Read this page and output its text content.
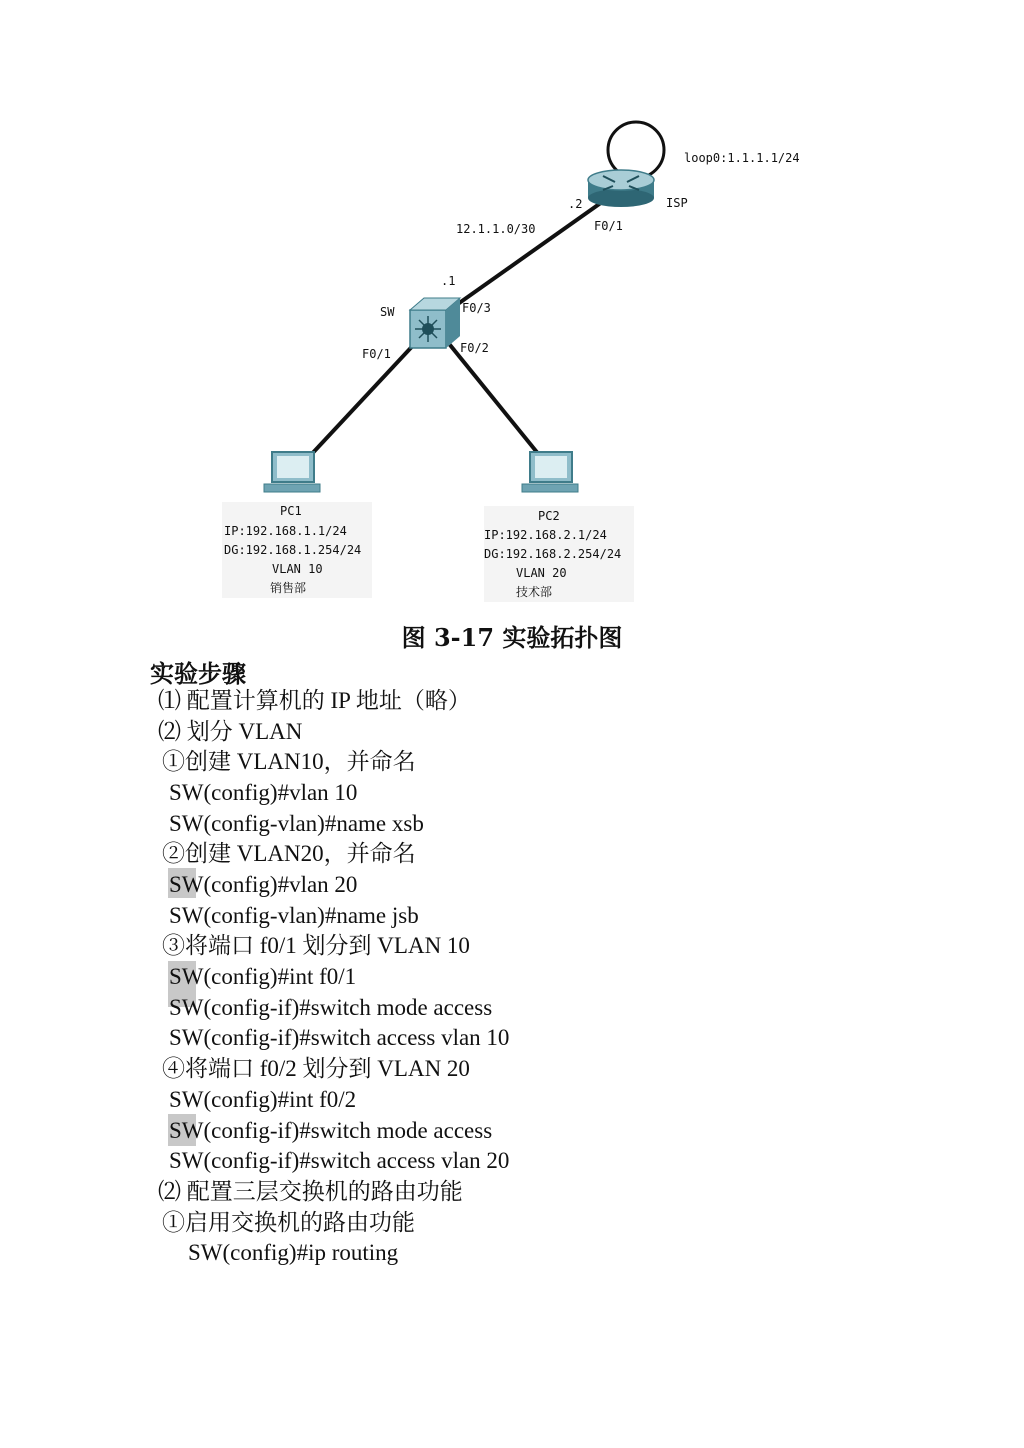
loop0:1.1.1.1/24
ISP
F0/1
.2
12.1.1.0/30
.1
SW	F0/3
F0/1	F0/2
PC1
IP:192.168.1.1/24
DG:192.168.1.254/24
VLAN 10
销售部
PC2
IP:192.168.2.1/24
DG:192.168.2.254/24
VLAN 20
技术部
图 3-17 实验拓扑图
实验步骤
⑴ 配置计算机的 IP 地址（略）
⑵ 划分 VLAN
①创建 VLAN10，并命名
SW(config)#vlan 10
SW(config-vlan)#name xsb
②创建 VLAN20，并命名
SW(config)#vlan 20
SW(config-vlan)#name jsb
③将端口 f0/1 划分到 VLAN 10
SW(config)#int f0/1
SW(config-if)#switch mode access
SW(config-if)#switch access vlan 10
④将端口 f0/2 划分到 VLAN 20
SW(config)#int f0/2
SW(config-if)#switch mode access
SW(config-if)#switch access vlan 20
⑵ 配置三层交换机的路由功能
①启用交换机的路由功能
SW(config)#ip routing
